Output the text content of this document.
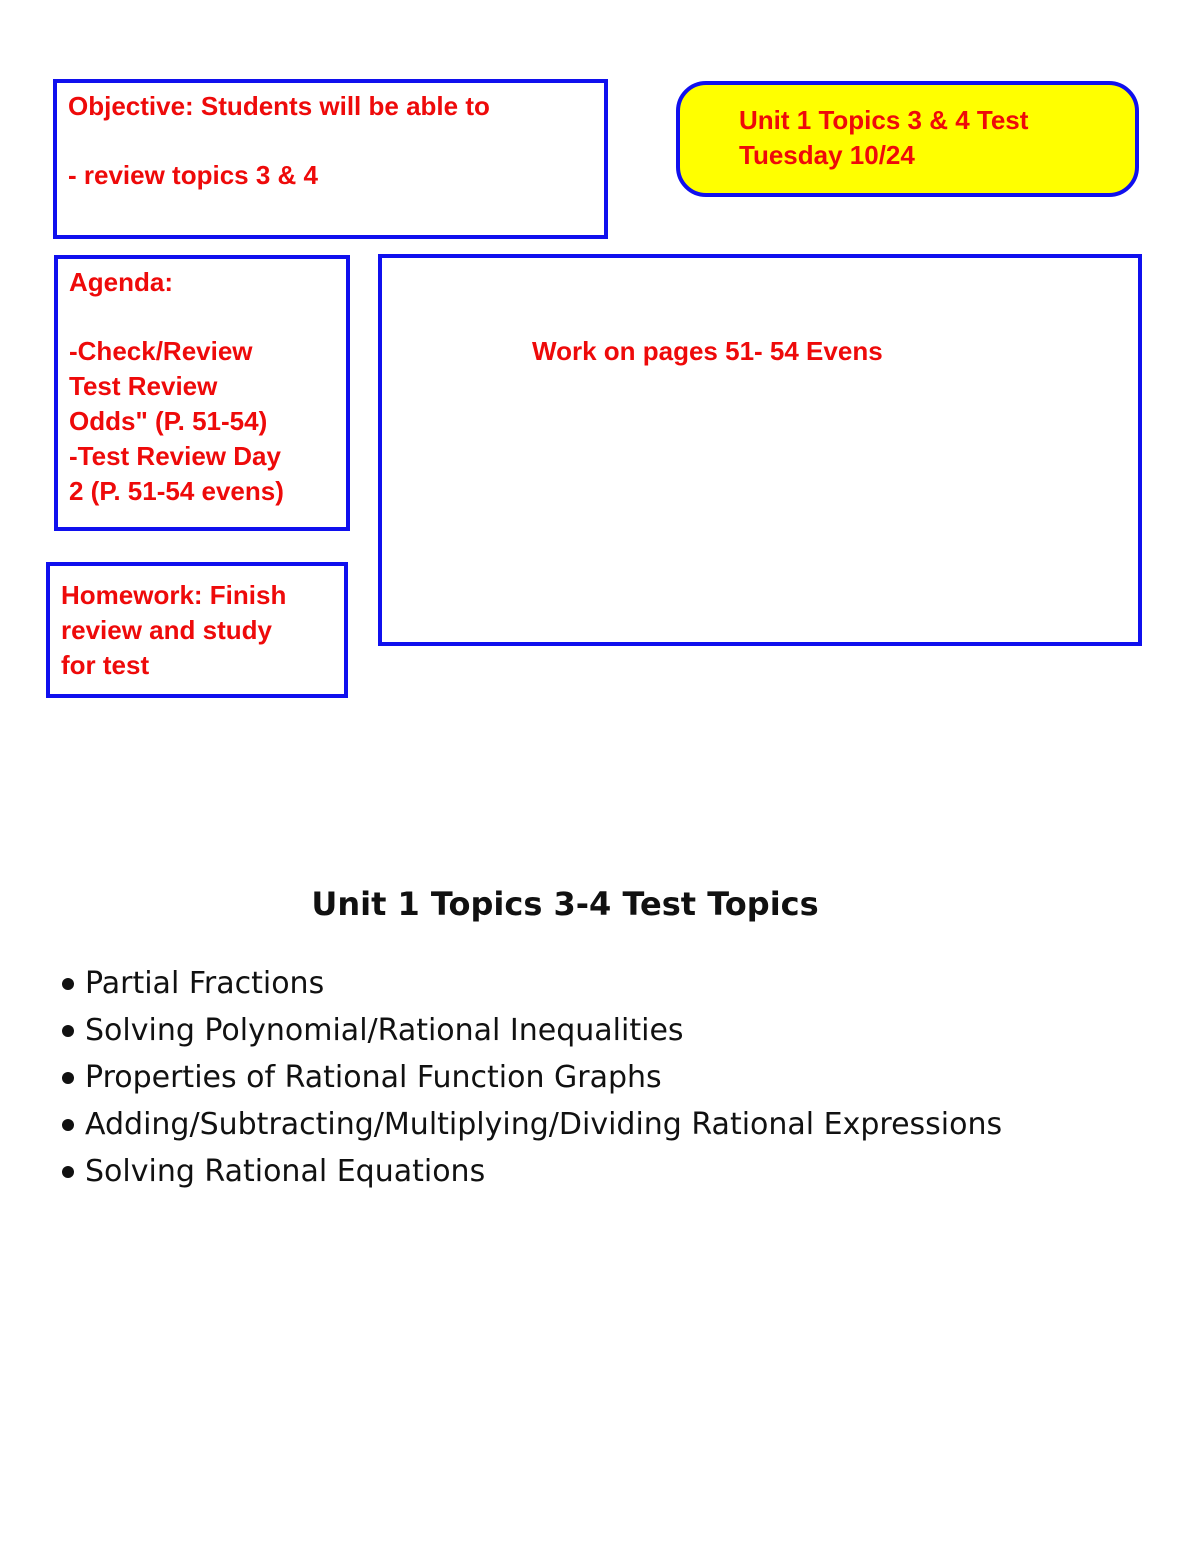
Objective: Students will be able to
- review topics 3 & 4
Unit 1 Topics 3 & 4 Test
Tuesday 10/24
Agenda:
-Check/Review
Test Review
Odds" (P. 51-54)
-Test Review Day
2 (P. 51-54 evens)
Work on pages 51- 54 Evens
Homework: Finish
review and study
for test
Unit 1 Topics 3-4 Test Topics
Partial Fractions
Solving Polynomial/Rational Inequalities
Properties of Rational Function Graphs
Adding/Subtracting/Multiplying/Dividing Rational Expressions
Solving Rational Equations
